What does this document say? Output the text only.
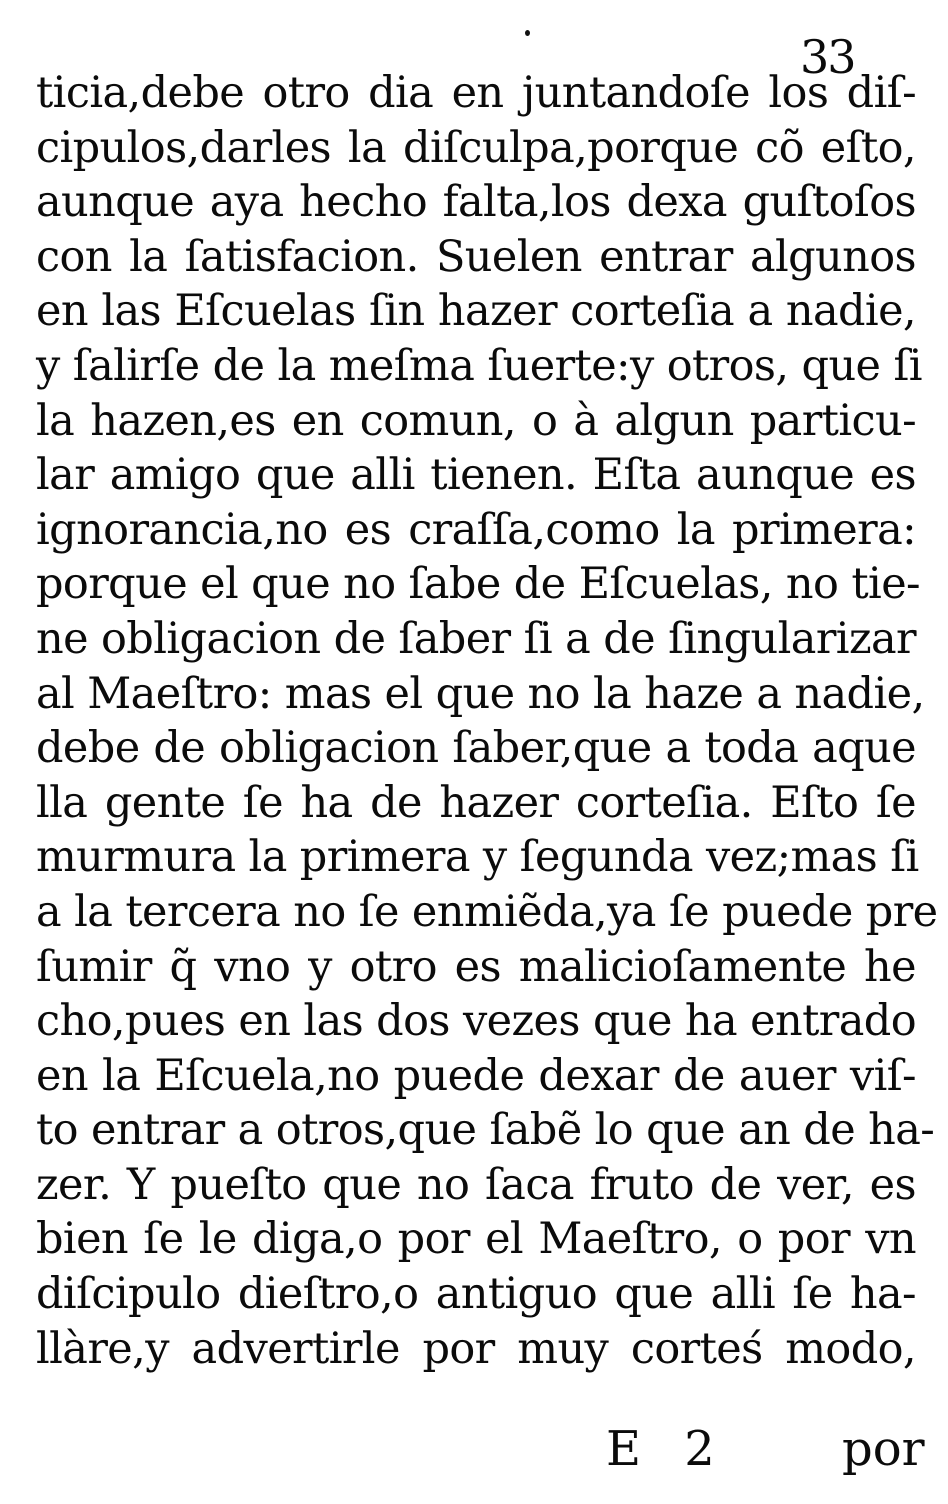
33
ticia,debe otro dia en juntandoſe los diſ-
cipulos,darles la diſculpa,porque cõ eſto,
aunque aya hecho falta,los dexa guſtoſos
con la ſatisfacion. Suelen entrar algunos
en las Eſcuelas ſin hazer corteſia a nadie,
y ſalirſe de la meſma ſuerte:y otros, que ſi
la hazen,es en comun, o à algun particu-
lar amigo que alli tienen. Eſta aunque es
ignorancia,no es craſſa,como la primera:
porque el que no ſabe de Eſcuelas, no tie-
ne obligacion de ſaber ſi a de ſingularizar
al Maeſtro: mas el que no la haze a nadie,
debe de obligacion ſaber,que a toda aque
lla gente ſe ha de hazer corteſia. Eſto ſe
murmura la primera y ſegunda vez;mas ſi
a la tercera no ſe enmiẽda,ya ſe puede pre
ſumir q̃ vno y otro es malicioſamente he
cho,pues en las dos vezes que ha entrado
en la Eſcuela,no puede dexar de auer viſ-
to entrar a otros,que ſabẽ lo que an de ha-
zer. Y pueſto que no ſaca fruto de ver, es
bien ſe le diga,o por el Maeſtro, o por vn
diſcipulo dieſtro,o antiguo que alli ſe ha-
llàre,y advertirle por muy corteś modo,
E 2 por
